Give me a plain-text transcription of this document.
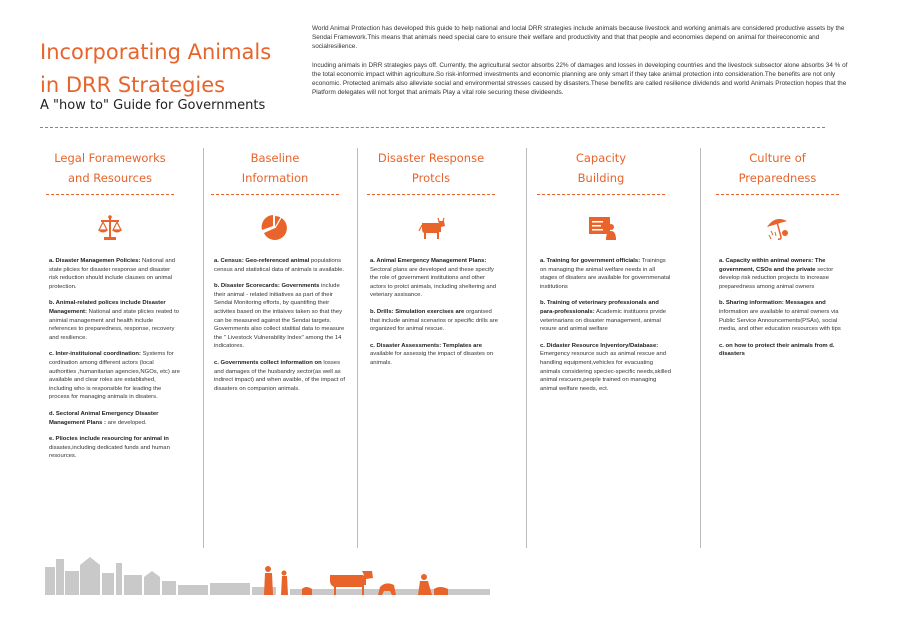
Incorporating Animals
in DRR Strategies

A "how to" Guide for Governments

World Animal Protection has developed this guide to help national and loclal DRR strategies include animals because livestock and working animals are considered productive assets by the Sendai Framework.This means that animals need special care to ensure their welfare and productivity and that that people and economies depend on animal for theireconomic and socialresilience.

Incuding animals in DRR strategies pays off. Currently, the agricultural sector absorbs 22% of damages and losses in developing countries and the livestock subsector alone absorbs 34 % of the total economic impact within agriculture.So risk-informed investments and economic planning are only smart if they take animal protection into consideration.The benefits are not only economic. Protected animals also alleviate social and environmental stresses caused by disasters.These benefits are called resilience dividends and world Animals Protection hopes that the Platform delegates will not forget that animals Play a vital role securing these divideends.

Legal Forameworks
and Resources
a. Disaster Managemen Policies: National and state plicies for disaster response and disaster risk reduction should include clauses on animal protection.
b. Animal-related polices include Disaster Management: National and state plicies reated to animial management and health include references to preparedness, response, recovery and resilience.
c. Inter-instituional coordination: Systems for cordination among different actors (local authorities ,humanitarian agencies,NGOs, etc) are available and clear roles are established, including who is responsible for leading the process for managing animals in disaters.
d. Sectoral Animal Emergency Disaster Management Plans : are developed.
e. Pliocies include resourcing for animal in disastes,including dedicated funds and human resources.
Baseline
Information
a. Census: Geo-referenced animal populations census and statistical data of animals is available.
b. Disaster Scorecards: Governments include their animal - related initiatives as part of their Sendai Monitoring efforts, by quantifing their activites based on the intiaives taken so that they can be measured against the Sendai targets. Governments also collect statitial data to measure the " Livestock Vulnerability Index" among the 14 indicatores.
c. Governments collect information on losses and damages of the husbandry sector(as well as indirect impact) and when avaible, of the impact of disasters on companion animals.
Disaster Response
Protcls
a. Animal Emergency Management Plans: Sectoral plans are developed and these specify the role of government institutions and other actors to protct animals, including sheltering and veteriary assisance.
b. Drills: Simulation exercises are organised that include animal scenarios or specific drills are organized for animal rescue.
c. Disaster Assessments: Templates are available for assessig the impact of disastes on animals.
Capacity
Building
a. Training for government officials: Trainings on managing the animal welfare needs in all stages of disaters are available for governmenatal institutions
b. Training of veterinary professionals and para-professionals: Academic instituons prvide veterinarians on disaster management, animal resure and animal welfare
c. Didaster Resource Injventory/Database: Emergency resource such as animal rescue and handling equipment,vehicles for evacuating animals considering speciec-specific needs,skilled animal rescuers,people trained on managing animal welfare needs, ect.
Culture of
Preparedness
a. Capacity within animal owners: The government, CSOs and the private sector develop risk reduction projects to increase preparedness among animal owners
b. Sharing information: Messages and information are available to animal owners via Public Service Announcements(PSAs), social media, and other education resources with tips
c. on how to protect their animals from d. disasters
